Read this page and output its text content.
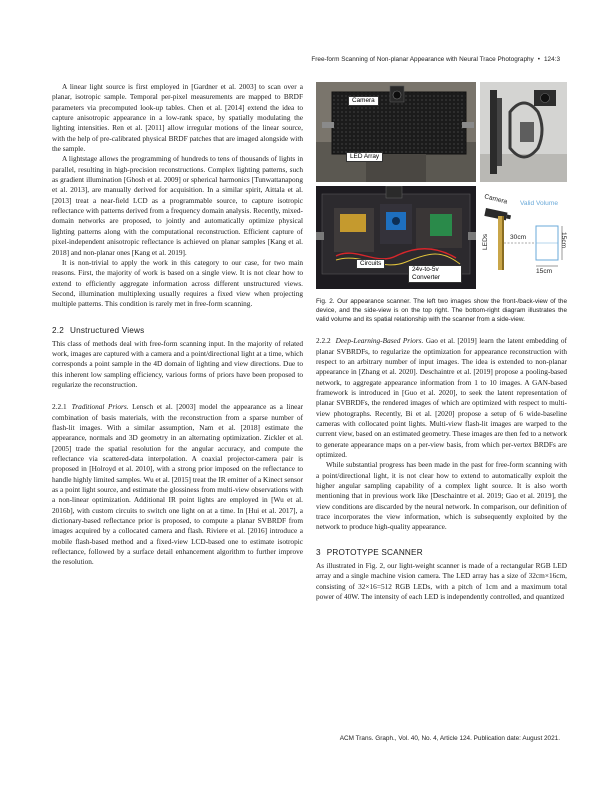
Free-form Scanning of Non-planar Appearance with Neural Trace Photography • 124:3

A linear light source is first employed in [Gardner et al. 2003] to scan over a planar, isotropic sample. Temporal per-pixel measurements are mapped to BRDF parameters via precomputed look-up tables. Chen et al. [2014] extend the idea to capture anisotropic appearance in a low-rank space, by spatially modulating the lighting intensities. Ren et al. [2011] allow irregular motions of the linear source, with the help of pre-calibrated physical BRDF patches that are imaged alongside with the sample.

A lightstage allows the programming of hundreds to tens of thousands of lights in parallel, resulting in high-precision reconstructions. Complex lighting patterns, such as gradient illumination [Ghosh et al. 2009] or spherical harmonics [Tunwattanapong et al. 2013], are manually derived for acquisition. In a similar spirit, Aittala et al. [2013] treat a near-field LCD as a programmable source, to capture isotropic reflectance with patterns derived from a frequency domain analysis. Recently, mixed-domain networks are proposed, to jointly and automatically optimize physical lighting patterns along with the computational reconstruction. Efficient capture of pixel-independent anisotropic reflectance is achieved on planar samples [Kang et al. 2018] and non-planar ones [Kang et al. 2019].

It is non-trivial to apply the work in this category to our case, for two main reasons. First, the majority of work is based on a single view. It is not clear how to extend to efficiently aggregate information across different unstructured views. Second, illumination multiplexing usually requires a fixed view when projecting multiple patterns. This condition is rarely met in free-form scanning.

2.2 Unstructured Views

This class of methods deal with free-form scanning input. In the majority of related work, images are captured with a camera and a point/directional light at a time, which corresponds a point sample in the 4D domain of lighting and view directions. Due to this inherent low sampling efficiency, various forms of priors have been proposed to regularize the reconstruction.

2.2.1 Traditional Priors. Lensch et al. [2003] model the appearance as a linear combination of basis materials, with the reconstruction from a sparse number of flash-lit images. With a similar assumption, Nam et al. [2018] estimate the appearance, normals and 3D geometry in an alternating optimization. Zickler et al. [2005] trade the spatial resolution for the angular accuracy, and compute the reflectance via scattered-data interpolation. A coaxial projector-camera pair is proposed in [Holroyd et al. 2010], with a strong prior imposed on the reflectance to handle highly limited samples. Wu et al. [2015] treat the IR emitter of a Kinect sensor as a point light source, and estimate the glossiness from multi-view observations with a non-linear optimization. Additional IR point lights are employed in [Wu et al. 2016b], with custom circuits to switch one light on at a time. In [Hui et al. 2017], a dictionary-based reflectance prior is proposed, to compute a planar SVBRDF from images acquired by a collocated camera and flash. Riviere et al. [2016] introduce a mobile flash-based method and a fixed-view LCD-based one to estimate isotropic reflectance, followed by a surface detail enhancement algorithm to further improve the resolution.

Camera
LED Array
Circuits
24v-to-5v Converter
Camera
LEDs
Valid Volume
30cm
15cm
15cm

Fig. 2. Our appearance scanner. The left two images show the front-/back-view of the device, and the side-view is on the top right. The bottom-right diagram illustrates the valid volume and its spatial relationship with the scanner from a side-view.

2.2.2 Deep-Learning-Based Priors. Gao et al. [2019] learn the latent embedding of planar SVBRDFs, to regularize the optimization for appearance reconstruction with respect to an arbitrary number of input images. The idea is extended to non-planar appearance in [Zhang et al. 2020]. Deschaintre et al. [2019] propose a pooling-based network, to aggregate appearance information from 1 to 10 images. A GAN-based framework is introduced in [Guo et al. 2020], to seek the latent representation of planar SVBRDFs, the rendered images of which are optimized with respect to multi-view photographs. Recently, Bi et al. [2020] propose a setup of 6 wide-baseline cameras with collocated point lights. Multi-view flash-lit images are warped to the current view, based on an estimated geometry. These images are then fed to a network to generate appearance maps on a per-view basis, from which per-vertex BRDFs are optimized.

While substantial progress has been made in the past for free-form scanning with a point/directional light, it is not clear how to extend to automatically exploit the higher angular sampling capability of a complex light source. It is also worth mentioning that in previous work like [Deschaintre et al. 2019; Gao et al. 2019], the view conditions are discarded by the neural network. In comparison, our definition of trace incorporates the view information, which is subsequently exploited by the network to produce high-quality appearance.

3 PROTOTYPE SCANNER

As illustrated in Fig. 2, our light-weight scanner is made of a rectangular RGB LED array and a single machine vision camera. The LED array has a size of 32cm×16cm, consisting of 32×16=512 RGB LEDs, with a pitch of 1cm and a maximum total power of 40W. The intensity of each LED is independently controlled, and quantized

ACM Trans. Graph., Vol. 40, No. 4, Article 124. Publication date: August 2021.
